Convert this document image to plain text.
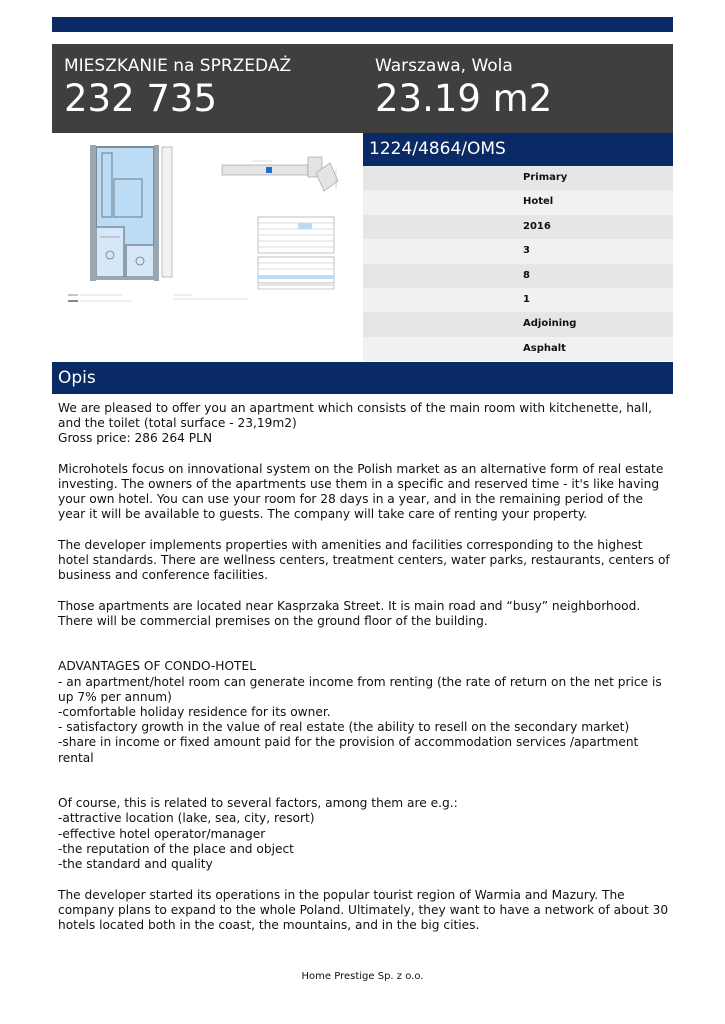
MIESZKANIE na SPRZEDAŻ
232 735
Warszawa, Wola
23.19 m2
1224/4864/OMS
Primary
Hotel
2016
3
8
1
Adjoining
Asphalt
Opis
We are pleased to offer you an apartment which consists of the main room with kitchenette, hall, and the toilet (total surface - 23,19m2)
Gross price: 286 264 PLN

Microhotels focus on innovational system on the Polish market as an alternative form of real estate investing. The owners of the apartments use them in a specific and reserved time - it's like having your own hotel. You can use your room for 28 days in a year, and in the remaining period of the year it will be available to guests. The company will take care of renting your property.

The developer implements properties with amenities and facilities corresponding to the highest hotel standards. There are wellness centers, treatment centers, water parks, restaurants, centers of business and conference facilities.

Those apartments are located near Kasprzaka Street. It is main road and “busy” neighborhood. There will be commercial premises on the ground floor of the building.

ADVANTAGES OF CONDO-HOTEL
- an apartment/hotel room can generate income from renting (the rate of return on the net price is up 7% per annum)
-comfortable holiday residence for its owner.
- satisfactory growth in the value of real estate (the ability to resell on the secondary market)
-share in income or fixed amount paid for the provision of accommodation services /apartment rental

Of course, this is related to several factors, among them are e.g.:
-attractive location (lake, sea, city, resort)
-effective hotel operator/manager
-the reputation of the place and object
-the standard and quality

The developer started its operations in the popular tourist region of Warmia and Mazury. The company plans to expand to the whole Poland. Ultimately, they want to have a network of about 30 hotels located both in the coast, the mountains, and in the big cities.
Home Prestige Sp. z o.o.
